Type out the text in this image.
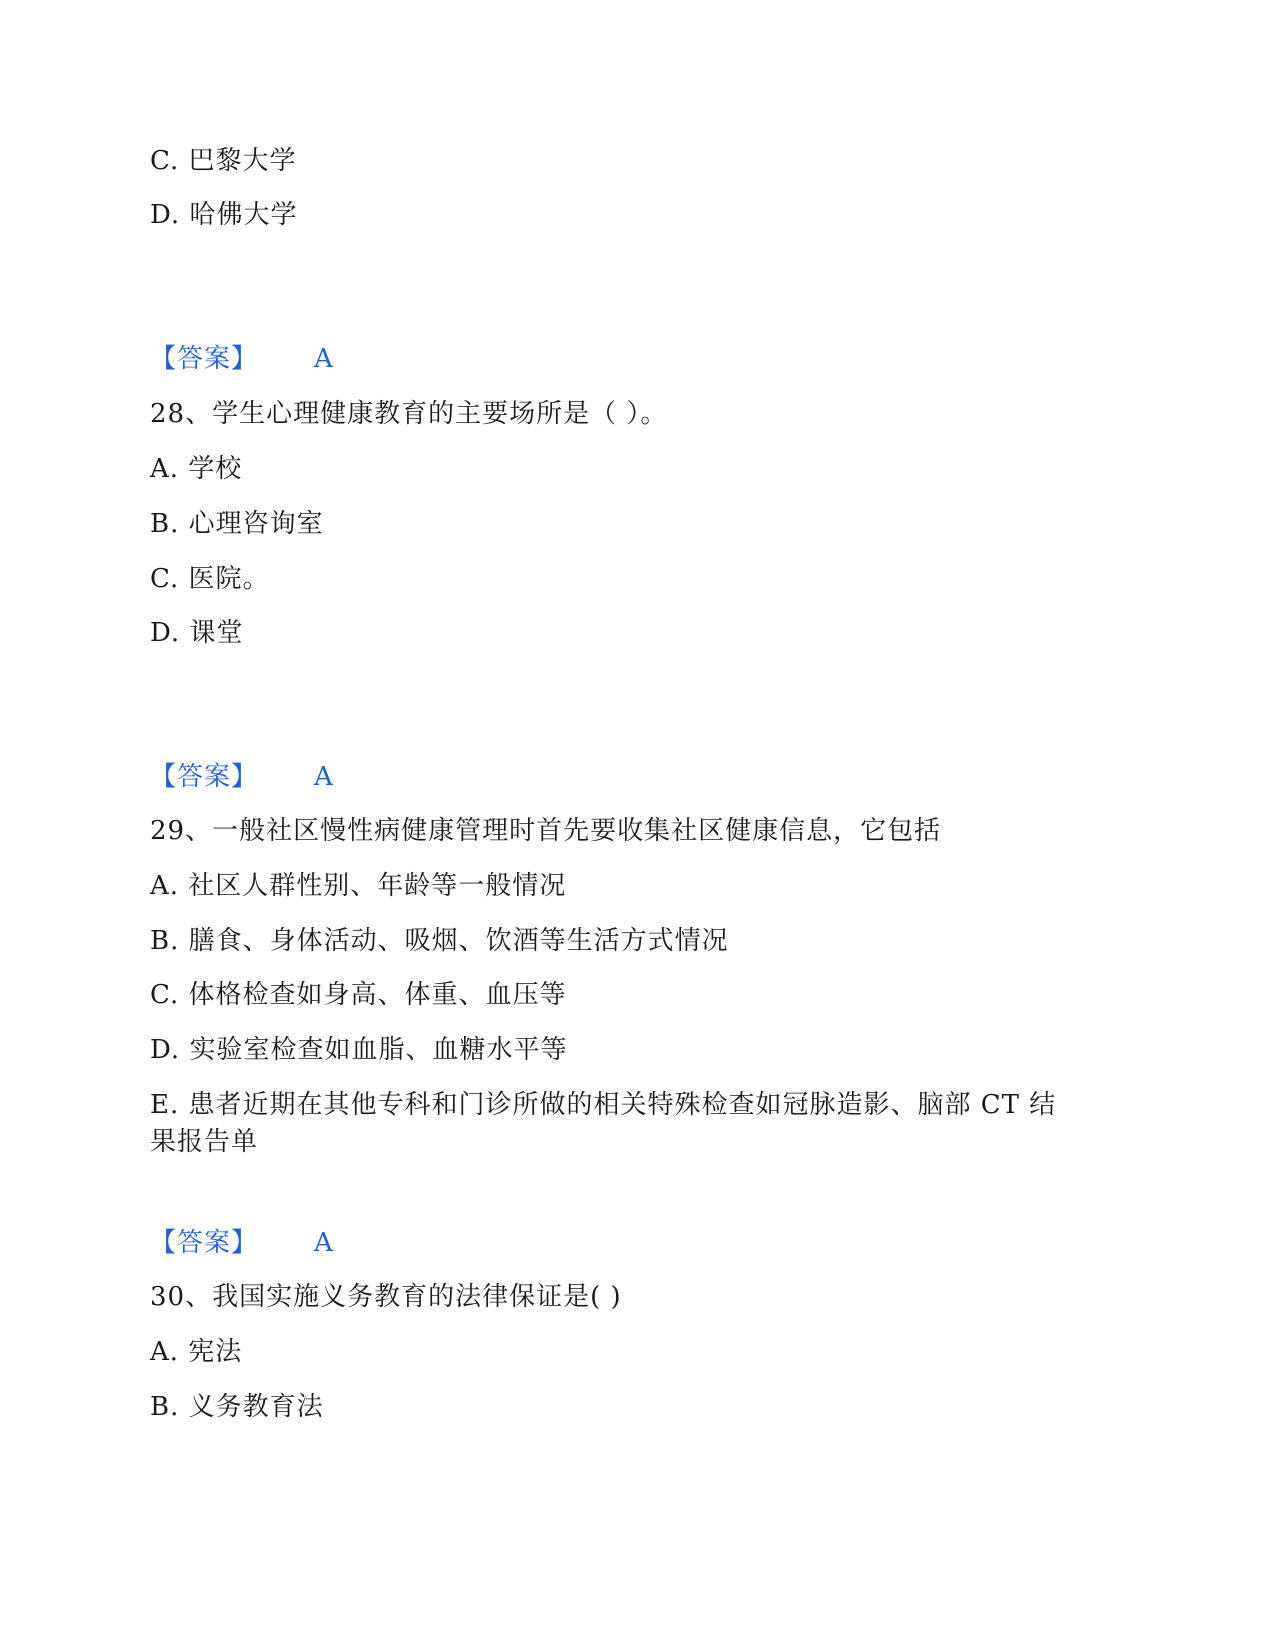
C. 巴黎大学
D. 哈佛大学
【答案】 A
28、学生心理健康教育的主要场所是（ ）。
A. 学校
B. 心理咨询室
C. 医院。
D. 课堂
【答案】 A
29、一般社区慢性病健康管理时首先要收集社区健康信息，它包括
A. 社区人群性别、年龄等一般情况
B. 膳食、身体活动、吸烟、饮酒等生活方式情况
C. 体格检查如身高、体重、血压等
D. 实验室检查如血脂、血糖水平等
E. 患者近期在其他专科和门诊所做的相关特殊检查如冠脉造影、脑部 CT 结
果报告单
【答案】 A
30、我国实施义务教育的法律保证是( )
A. 宪法
B. 义务教育法
